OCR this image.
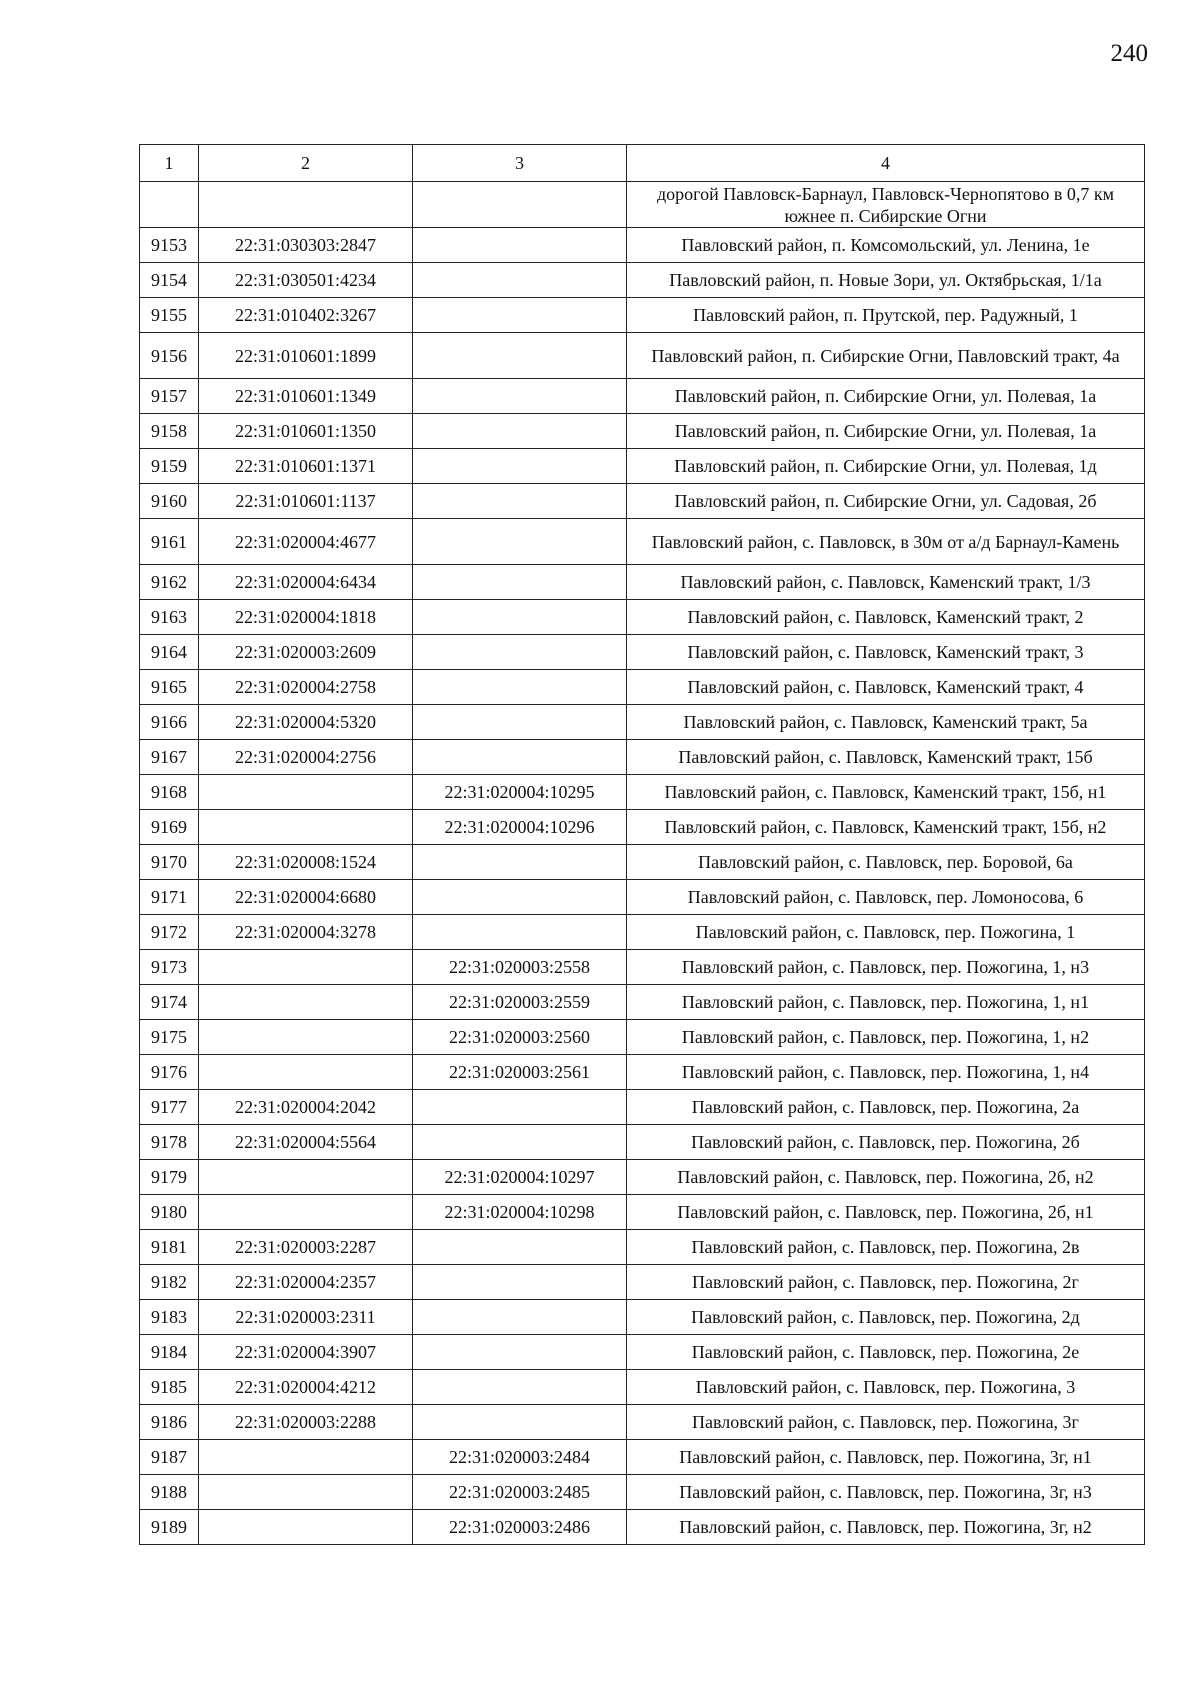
240
1	2	3	4
			дорогой Павловск-Барнаул, Павловск-Чернопятово в 0,7 км южнее п. Сибирские Огни
9153	22:31:030303:2847		Павловский район, п. Комсомольский, ул. Ленина, 1е
9154	22:31:030501:4234		Павловский район, п. Новые Зори, ул. Октябрьская, 1/1а
9155	22:31:010402:3267		Павловский район, п. Прутской, пер. Радужный, 1
9156	22:31:010601:1899		Павловский район, п. Сибирские Огни, Павловский тракт, 4а
9157	22:31:010601:1349		Павловский район, п. Сибирские Огни, ул. Полевая, 1а
9158	22:31:010601:1350		Павловский район, п. Сибирские Огни, ул. Полевая, 1а
9159	22:31:010601:1371		Павловский район, п. Сибирские Огни, ул. Полевая, 1д
9160	22:31:010601:1137		Павловский район, п. Сибирские Огни, ул. Садовая, 2б
9161	22:31:020004:4677		Павловский район, с. Павловск, в 30м от а/д Барнаул-Камень
9162	22:31:020004:6434		Павловский район, с. Павловск, Каменский тракт, 1/3
9163	22:31:020004:1818		Павловский район, с. Павловск, Каменский тракт, 2
9164	22:31:020003:2609		Павловский район, с. Павловск, Каменский тракт, 3
9165	22:31:020004:2758		Павловский район, с. Павловск, Каменский тракт, 4
9166	22:31:020004:5320		Павловский район, с. Павловск, Каменский тракт, 5а
9167	22:31:020004:2756		Павловский район, с. Павловск, Каменский тракт, 15б
9168		22:31:020004:10295	Павловский район, с. Павловск, Каменский тракт, 15б, н1
9169		22:31:020004:10296	Павловский район, с. Павловск, Каменский тракт, 15б, н2
9170	22:31:020008:1524		Павловский район, с. Павловск, пер. Боровой, 6а
9171	22:31:020004:6680		Павловский район, с. Павловск, пер. Ломоносова, 6
9172	22:31:020004:3278		Павловский район, с. Павловск, пер. Пожогина, 1
9173		22:31:020003:2558	Павловский район, с. Павловск, пер. Пожогина, 1, н3
9174		22:31:020003:2559	Павловский район, с. Павловск, пер. Пожогина, 1, н1
9175		22:31:020003:2560	Павловский район, с. Павловск, пер. Пожогина, 1, н2
9176		22:31:020003:2561	Павловский район, с. Павловск, пер. Пожогина, 1, н4
9177	22:31:020004:2042		Павловский район, с. Павловск, пер. Пожогина, 2а
9178	22:31:020004:5564		Павловский район, с. Павловск, пер. Пожогина, 2б
9179		22:31:020004:10297	Павловский район, с. Павловск, пер. Пожогина, 2б, н2
9180		22:31:020004:10298	Павловский район, с. Павловск, пер. Пожогина, 2б, н1
9181	22:31:020003:2287		Павловский район, с. Павловск, пер. Пожогина, 2в
9182	22:31:020004:2357		Павловский район, с. Павловск, пер. Пожогина, 2г
9183	22:31:020003:2311		Павловский район, с. Павловск, пер. Пожогина, 2д
9184	22:31:020004:3907		Павловский район, с. Павловск, пер. Пожогина, 2е
9185	22:31:020004:4212		Павловский район, с. Павловск, пер. Пожогина, 3
9186	22:31:020003:2288		Павловский район, с. Павловск, пер. Пожогина, 3г
9187		22:31:020003:2484	Павловский район, с. Павловск, пер. Пожогина, 3г, н1
9188		22:31:020003:2485	Павловский район, с. Павловск, пер. Пожогина, 3г, н3
9189		22:31:020003:2486	Павловский район, с. Павловск, пер. Пожогина, 3г, н2
